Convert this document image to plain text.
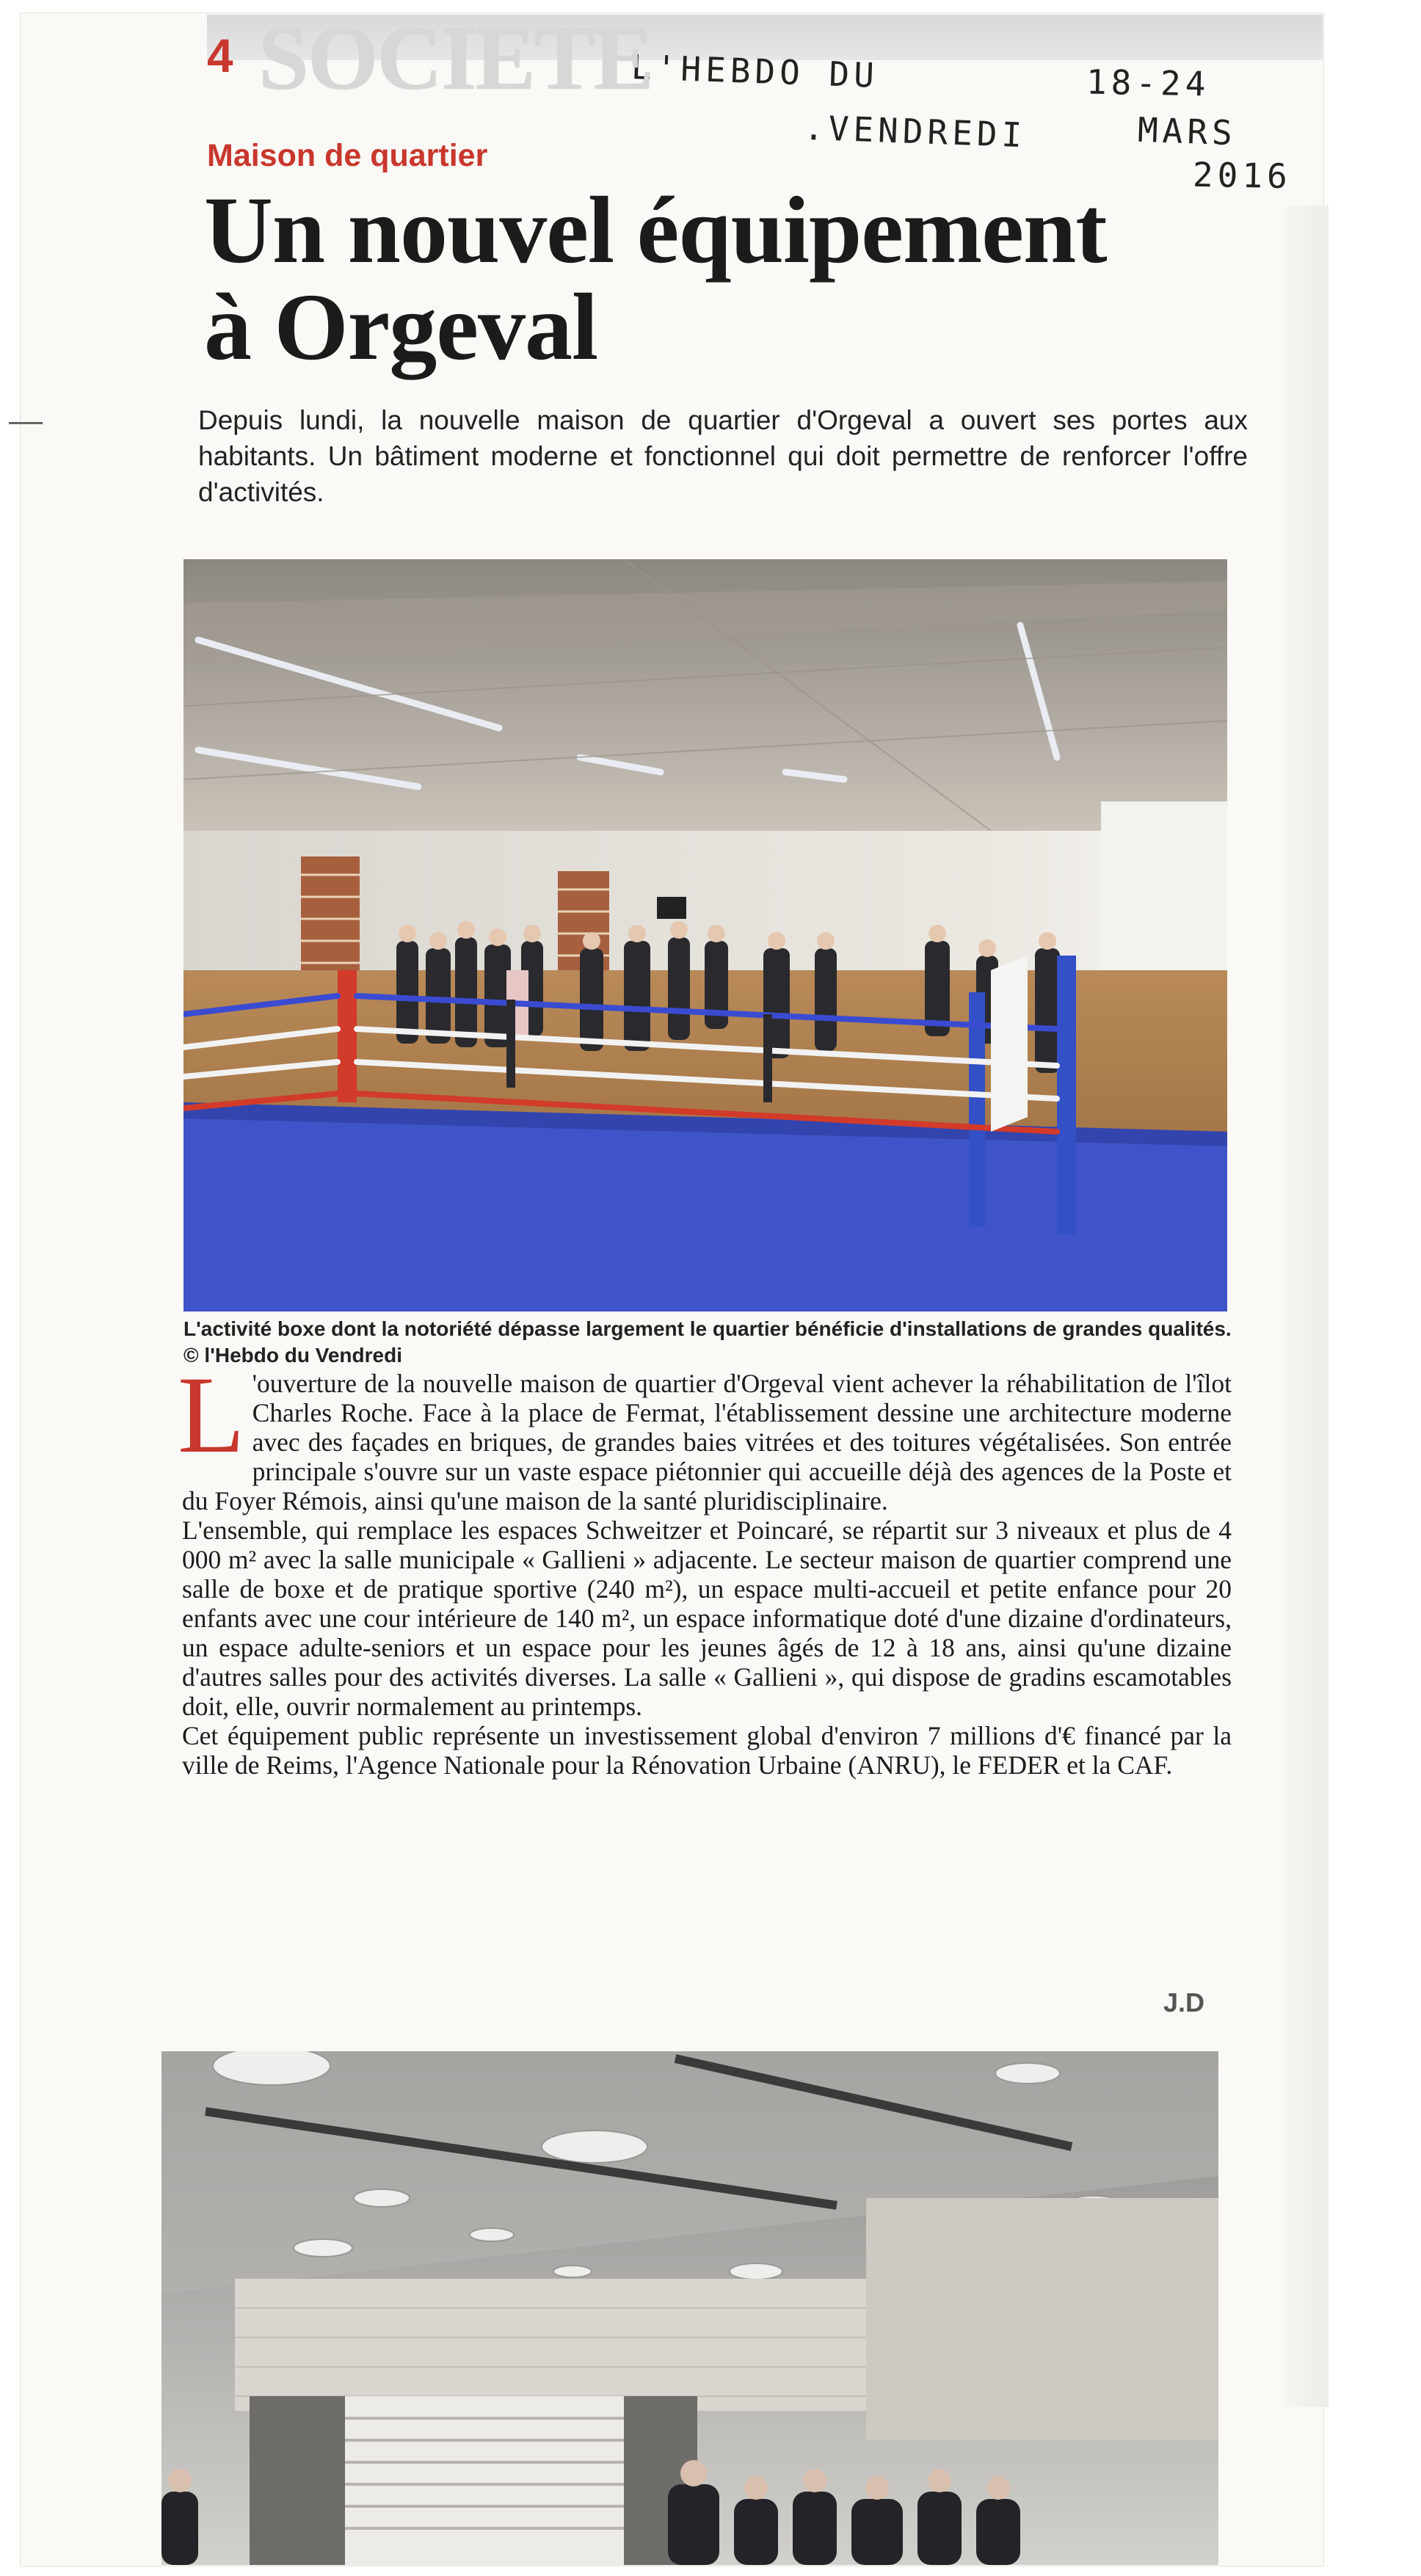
4 SOCIETE
L'HEBDO DU
.VENDREDI
18-24
MARS
2016
Maison de quartier
Un nouvel équipement
à Orgeval

Depuis lundi, la nouvelle maison de quartier d'Orgeval a ouvert ses portes aux habitants. Un bâtiment moderne et fonctionnel qui doit permettre de renforcer l'offre d'activités.

L'activité boxe dont la notoriété dépasse largement le quartier bénéficie d'installations de grandes qualités. © l'Hebdo du Vendredi

L 'ouverture de la nouvelle maison de quartier d'Orgeval vient achever la réhabilitation de l'îlot Charles Roche. Face à la place de Fermat, l'établissement dessine une architecture moderne avec des façades en briques, de grandes baies vitrées et des toitures végétalisées. Son entrée principale s'ouvre sur un vaste espace piétonnier qui accueille déjà des agences de la Poste et du Foyer Rémois, ainsi qu'une maison de la santé pluridisciplinaire.

L'ensemble, qui remplace les espaces Schweitzer et Poincaré, se répartit sur 3 niveaux et plus de 4 000 m² avec la salle municipale « Gallieni » adjacente. Le secteur maison de quartier comprend une salle de boxe et de pratique sportive (240 m²), un espace multi-accueil et petite enfance pour 20 enfants avec une cour intérieure de 140 m², un espace informatique doté d'une dizaine d'ordinateurs, un espace adulte-seniors et un espace pour les jeunes âgés de 12 à 18 ans, ainsi qu'une dizaine d'autres salles pour des activités diverses. La salle « Gallieni », qui dispose de gradins escamotables doit, elle, ouvrir normalement au printemps.

Cet équipement public représente un investissement global d'environ 7 millions d'€ financé par la ville de Reims, l'Agence Nationale pour la Rénovation Urbaine (ANRU), le FEDER et la CAF.

J.D
